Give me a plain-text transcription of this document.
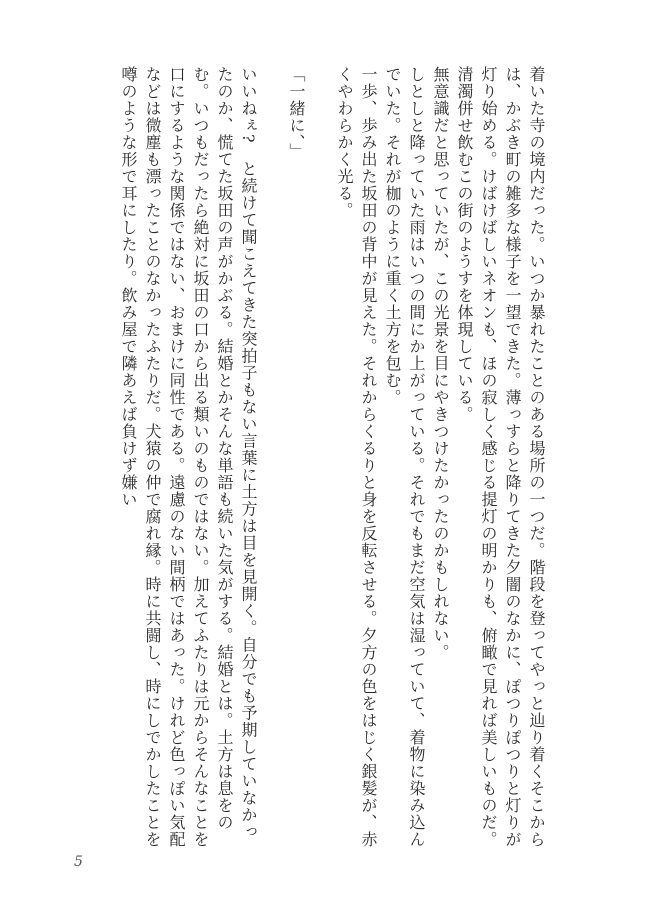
着いた寺の境内だった。いつか暴れたことのある場所の一つだ。階段を登ってやっと辿り着くそこからは、かぶき町の雑多な様子を一望できた。薄っすらと降りてきた夕闇のなかに、ぽつりぽつりと灯りが灯り始める。けばけばしいネオンも、ほの寂しく感じる提灯の明かりも、俯瞰で見れば美しいものだ。清濁併せ飲むこの街のようすを体現している。

無意識だと思っていたが、この光景を目にやきつけたかったのかもしれない。

しとしと降っていた雨はいつの間にか上がっている。それでもまだ空気は湿っていて、着物に染み込んでいた。それが枷のように重く土方を包む。

一歩、歩み出た坂田の背中が見えた。それからくるりと身を反転させる。夕方の色をはじく銀髪が、赤くやわらかく光る。

「一緒に、」

いいねぇ?　と続けて聞こえてきた突拍子もない言葉に土方は目を見開く。自分でも予期していなかったのか、慌てた坂田の声がかぶる。結婚とかそんな単語も続いた気がする。結婚とは。土方は息をのむ。いつもだったら絶対に坂田の口から出る類いのものではない。加えてふたりは元からそんなことを口にするような関係ではない、おまけに同性である。遠慮のない間柄ではあった。けれど色っぽい気配などは微塵も漂ったことのなかったふたりだ。犬猿の仲で腐れ縁。時に共闘し、時にしでかしたことを噂のような形で耳にしたり。飲み屋で隣あえば負けず嫌い

5
